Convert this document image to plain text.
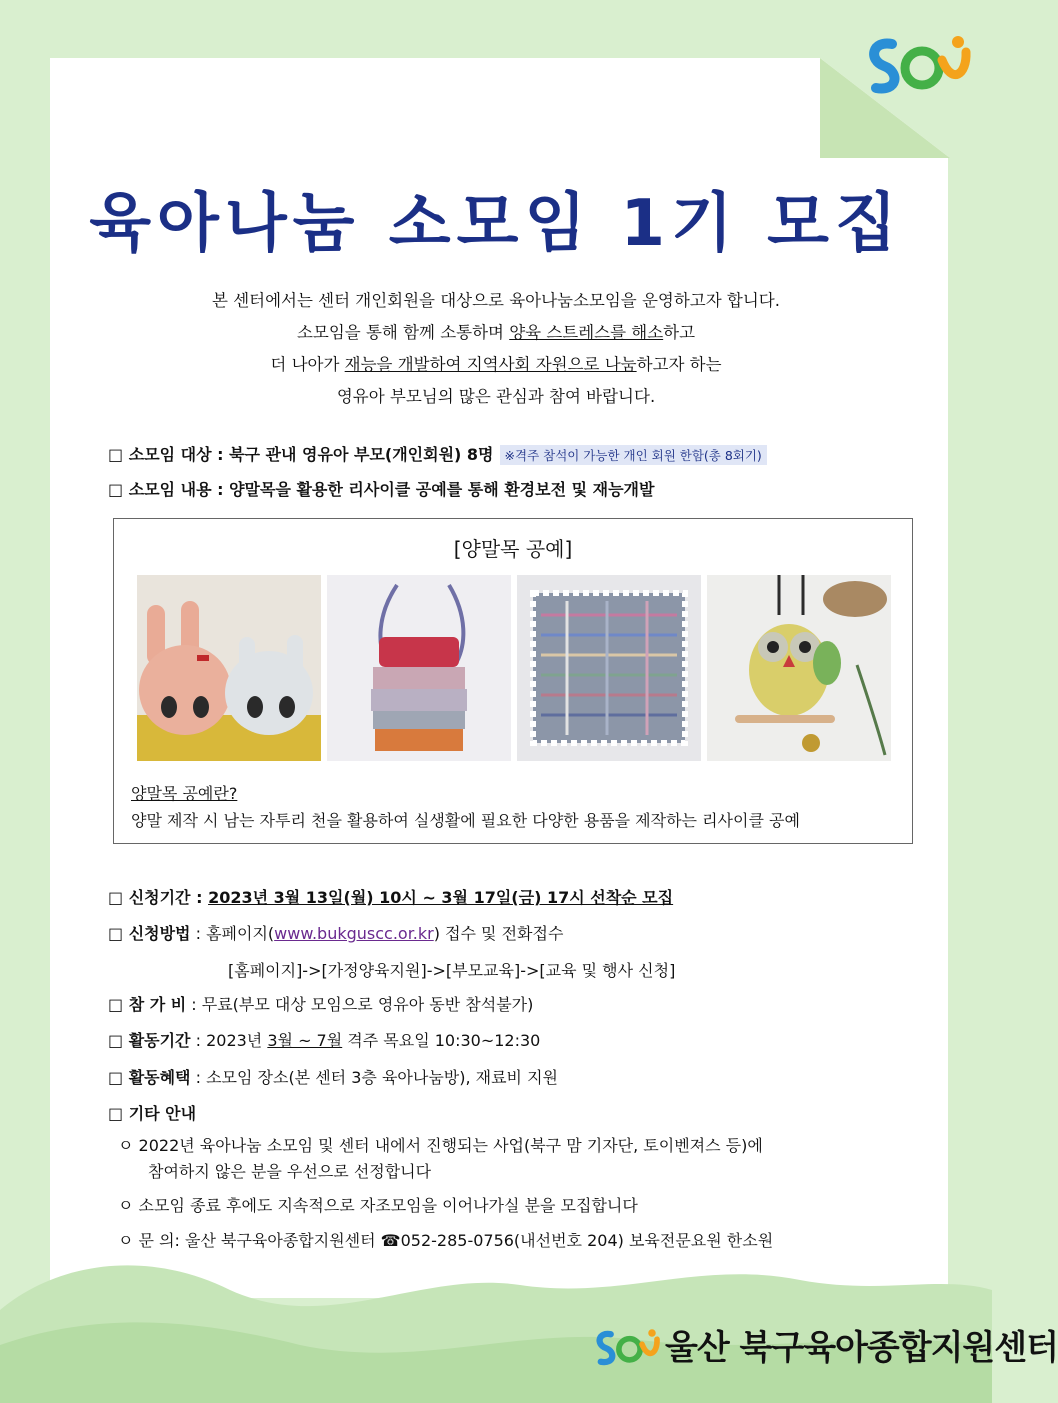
육아나눔 소모임 1기 모집
본 센터에서는 센터 개인회원을 대상으로 육아나눔소모임을 운영하고자 합니다.
소모임을 통해 함께 소통하며 양육 스트레스를 해소하고
더 나아가 재능을 개발하여 지역사회 자원으로 나눔하고자 하는
영유아 부모님의 많은 관심과 참여 바랍니다.
□ 소모임 대상 : 북구 관내 영유아 부모(개인회원) 8명 ※격주 참석이 가능한 개인 회원 한함(총 8회기)
□ 소모임 내용 : 양말목을 활용한 리사이클 공예를 통해 환경보전 및 재능개발
[양말목 공예]
양말목 공예란?
양말 제작 시 남는 자투리 천을 활용하여 실생활에 필요한 다양한 용품을 제작하는 리사이클 공예
□ 신청기간 : 2023년 3월 13일(월) 10시 ~ 3월 17일(금) 17시 선착순 모집
□ 신청방법 : 홈페이지(www.bukguscc.or.kr) 접수 및 전화접수
[홈페이지]->[가정양육지원]->[부모교육]->[교육 및 행사 신청]
□ 참 가 비 : 무료(부모 대상 모임으로 영유아 동반 참석불가)
□ 활동기간 : 2023년 3월 ~ 7월 격주 목요일 10:30~12:30
□ 활동혜택 : 소모임 장소(본 센터 3층 육아나눔방), 재료비 지원
□ 기타 안내
ㅇ 2022년 육아나눔 소모임 및 센터 내에서 진행되는 사업(북구 맘 기자단, 토이벤져스 등)에
참여하지 않은 분을 우선으로 선정합니다
ㅇ 소모임 종료 후에도 지속적으로 자조모임을 이어나가실 분을 모집합니다
ㅇ 문 의: 울산 북구육아종합지원센터 ☎052-285-0756(내선번호 204) 보육전문요원 한소원
울산 북구육아종합지원센터
